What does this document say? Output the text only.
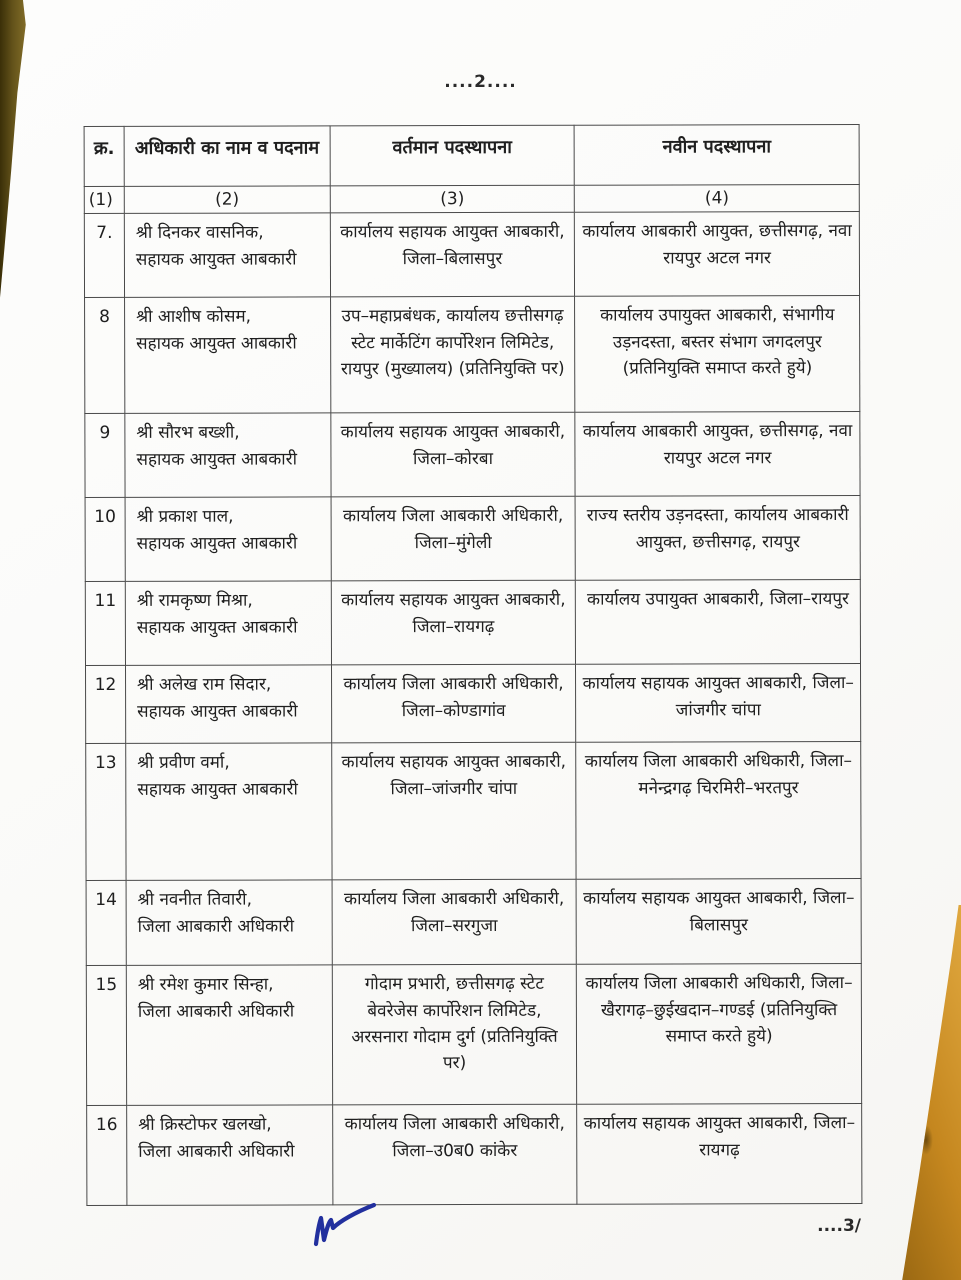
....2....
क्र.	अधिकारी का नाम व पदनाम	वर्तमान पदस्थापना	नवीन पदस्थापना
(1)	(2)	(3)	(4)
7.	श्री दिनकर वासनिक,
सहायक आयुक्त आबकारी	कार्यालय सहायक आयुक्त आबकारी, जिला–बिलासपुर	कार्यालय आबकारी आयुक्त, छत्तीसगढ़, नवा रायपुर अटल नगर
8	श्री आशीष कोसम,
सहायक आयुक्त आबकारी	उप–महाप्रबंधक, कार्यालय छत्तीसगढ़ स्टेट मार्केटिंग कार्पोरेशन लिमिटेड, रायपुर (मुख्यालय) (प्रतिनियुक्ति पर)	कार्यालय उपायुक्त आबकारी, संभागीय उड़नदस्ता, बस्तर संभाग जगदलपुर (प्रतिनियुक्ति समाप्त करते हुये)
9	श्री सौरभ बख्शी,
सहायक आयुक्त आबकारी	कार्यालय सहायक आयुक्त आबकारी, जिला–कोरबा	कार्यालय आबकारी आयुक्त, छत्तीसगढ़, नवा रायपुर अटल नगर
10	श्री प्रकाश पाल,
सहायक आयुक्त आबकारी	कार्यालय जिला आबकारी अधिकारी, जिला–मुंगेली	राज्य स्तरीय उड़नदस्ता, कार्यालय आबकारी आयुक्त, छत्तीसगढ़, रायपुर
11	श्री रामकृष्ण मिश्रा,
सहायक आयुक्त आबकारी	कार्यालय सहायक आयुक्त आबकारी, जिला–रायगढ़	कार्यालय उपायुक्त आबकारी, जिला–रायपुर
12	श्री अलेख राम सिदार,
सहायक आयुक्त आबकारी	कार्यालय जिला आबकारी अधिकारी, जिला–कोण्डागांव	कार्यालय सहायक आयुक्त आबकारी, जिला–जांजगीर चांपा
13	श्री प्रवीण वर्मा,
सहायक आयुक्त आबकारी	कार्यालय सहायक आयुक्त आबकारी, जिला–जांजगीर चांपा	कार्यालय जिला आबकारी अधिकारी, जिला–मनेन्द्रगढ़ चिरमिरी–भरतपुर
14	श्री नवनीत तिवारी,
जिला आबकारी अधिकारी	कार्यालय जिला आबकारी अधिकारी, जिला–सरगुजा	कार्यालय सहायक आयुक्त आबकारी, जिला–बिलासपुर
15	श्री रमेश कुमार सिन्हा,
जिला आबकारी अधिकारी	गोदाम प्रभारी, छत्तीसगढ़ स्टेट बेवरेजेस कार्पोरेशन लिमिटेड, अरसनारा गोदाम दुर्ग (प्रतिनियुक्ति पर)	कार्यालय जिला आबकारी अधिकारी, जिला–खैरागढ़–छुईखदान–गण्डई (प्रतिनियुक्ति समाप्त करते हुये)
16	श्री क्रिस्टोफर खलखो,
जिला आबकारी अधिकारी	कार्यालय जिला आबकारी अधिकारी, जिला–उ0ब0 कांकेर	कार्यालय सहायक आयुक्त आबकारी, जिला–रायगढ़
....3/
